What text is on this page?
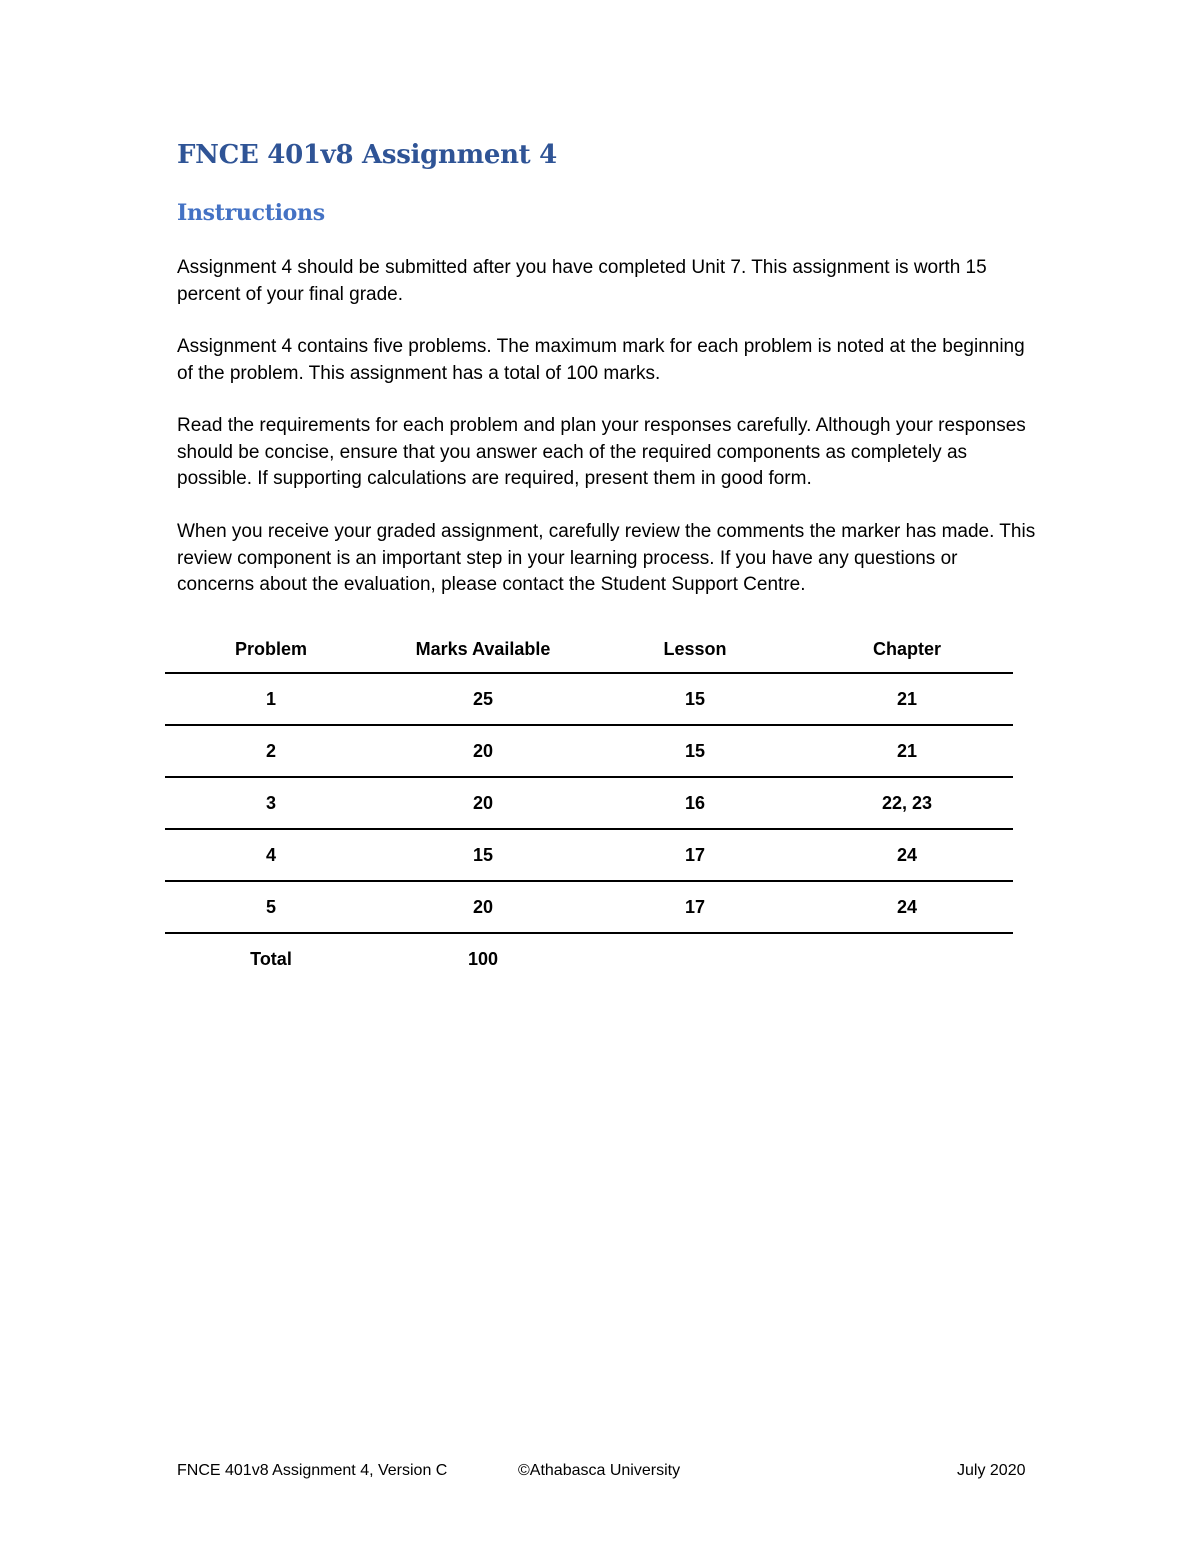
FNCE 401v8 Assignment 4
Instructions

Assignment 4 should be submitted after you have completed Unit 7. This assignment is worth 15 percent of your final grade.

Assignment 4 contains five problems. The maximum mark for each problem is noted at the beginning of the problem. This assignment has a total of 100 marks.

Read the requirements for each problem and plan your responses carefully. Although your responses should be concise, ensure that you answer each of the required components as completely as possible. If supporting calculations are required, present them in good form.

When you receive your graded assignment, carefully review the comments the marker has made. This review component is an important step in your learning process. If you have any questions or concerns about the evaluation, please contact the Student Support Centre.

Problem	Marks Available	Lesson	Chapter
1	25	15	21
2	20	15	21
3	20	16	22, 23
4	15	17	24
5	20	17	24
Total	100		

FNCE 401v8 Assignment 4, Version C	©Athabasca University	July 2020
